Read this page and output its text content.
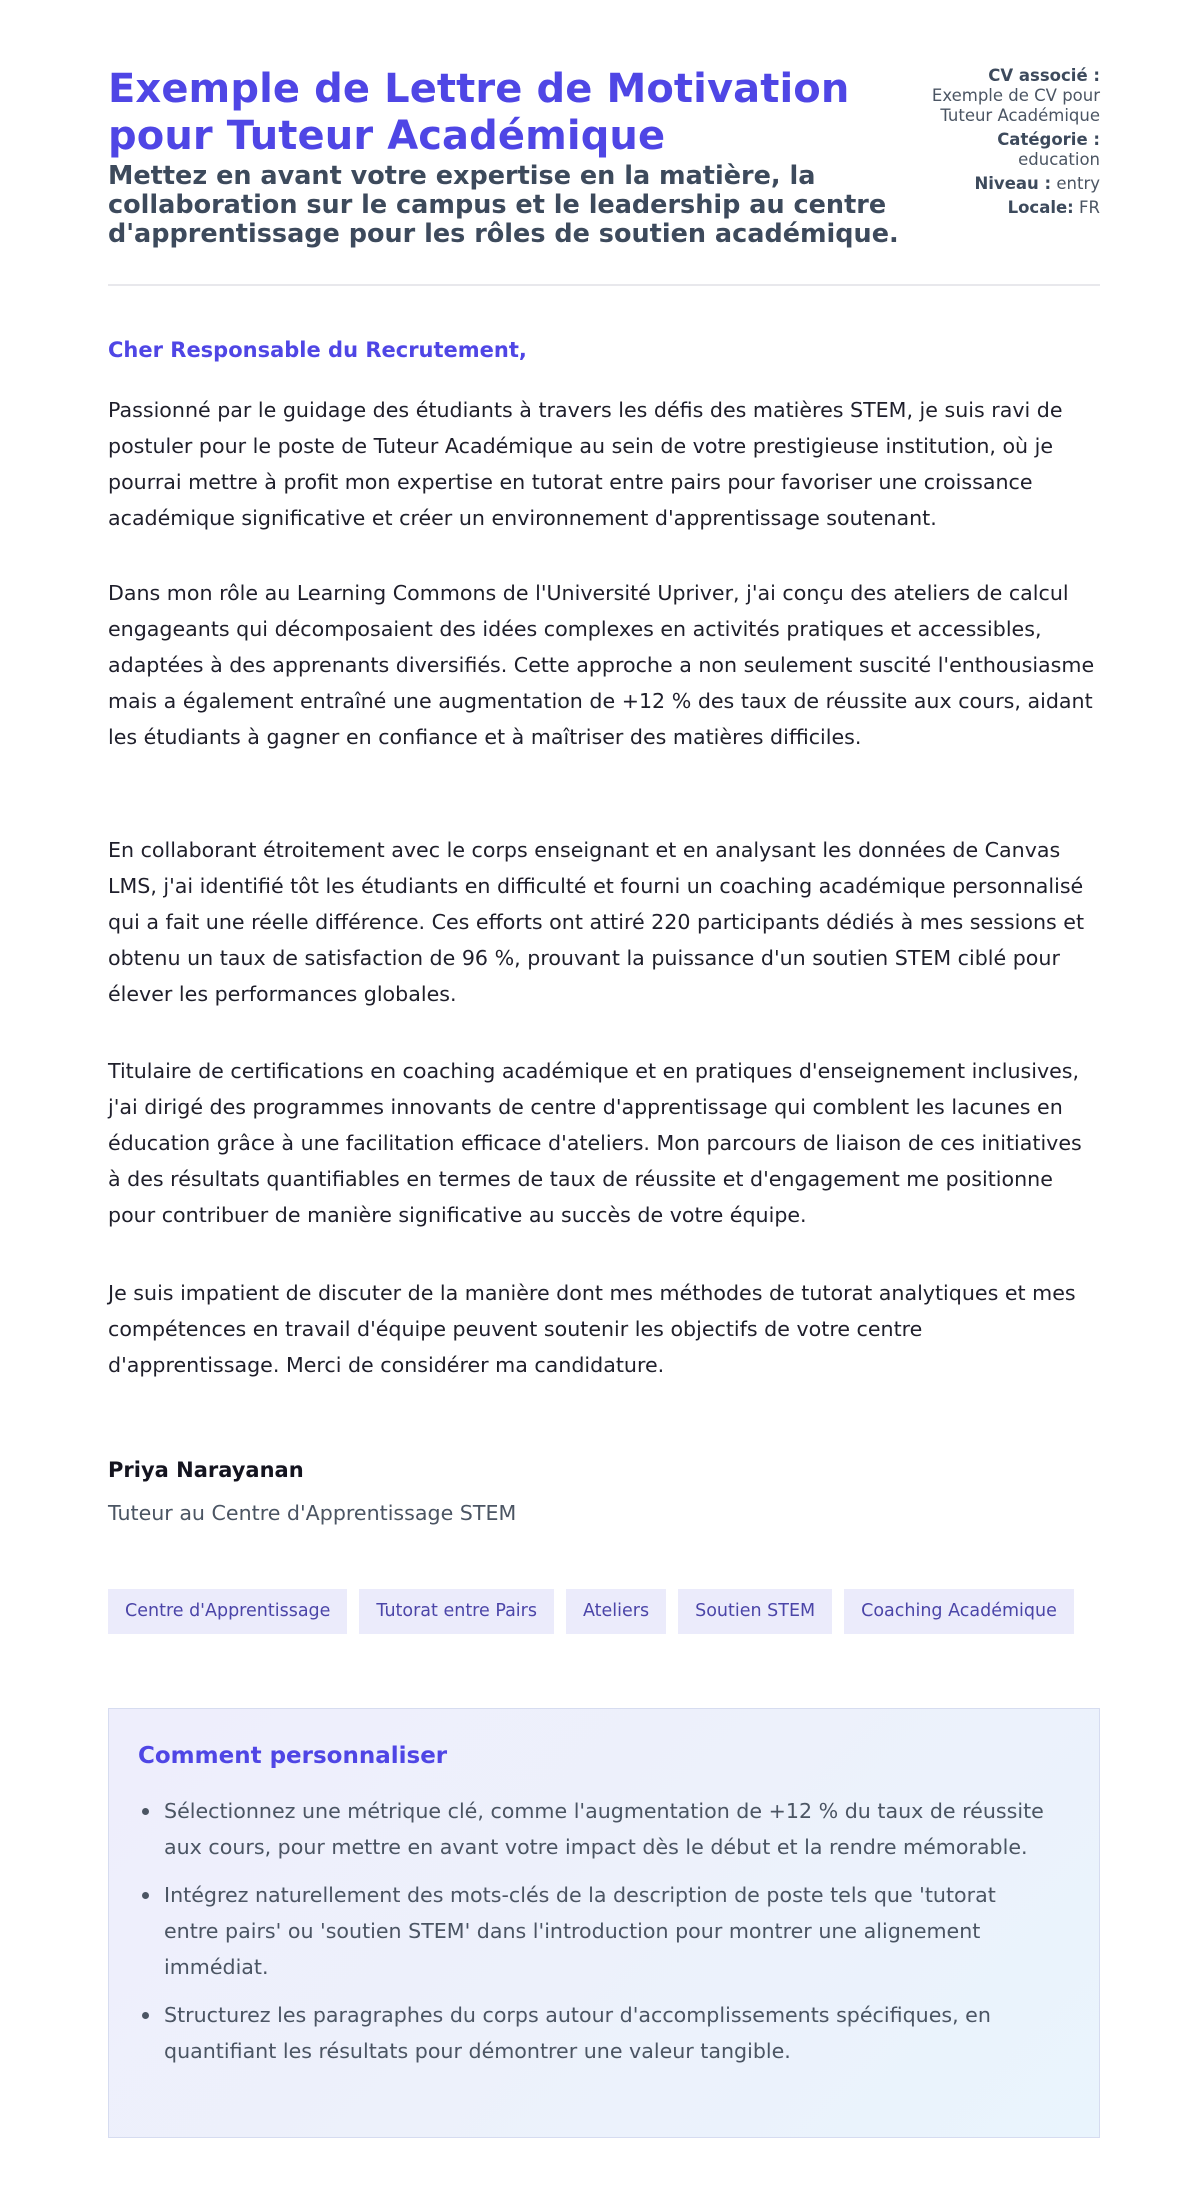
Exemple de Lettre de Motivation pour Tuteur Académique
Mettez en avant votre expertise en la matière, la collaboration sur le campus et le leadership au centre d'apprentissage pour les rôles de soutien académique.
CV associé :
Exemple de CV pour Tuteur Académique
Catégorie :
education
Niveau : entry
Locale: FR
Cher Responsable du Recrutement,

Passionné par le guidage des étudiants à travers les défis des matières STEM, je suis ravi de postuler pour le poste de Tuteur Académique au sein de votre prestigieuse institution, où je pourrai mettre à profit mon expertise en tutorat entre pairs pour favoriser une croissance académique significative et créer un environnement d'apprentissage soutenant.

Dans mon rôle au Learning Commons de l'Université Upriver, j'ai conçu des ateliers de calcul engageants qui décomposaient des idées complexes en activités pratiques et accessibles, adaptées à des apprenants diversifiés. Cette approche a non seulement suscité l'enthousiasme mais a également entraîné une augmentation de +12 % des taux de réussite aux cours, aidant les étudiants à gagner en confiance et à maîtriser des matières difficiles.

En collaborant étroitement avec le corps enseignant et en analysant les données de Canvas LMS, j'ai identifié tôt les étudiants en difficulté et fourni un coaching académique personnalisé qui a fait une réelle différence. Ces efforts ont attiré 220 participants dédiés à mes sessions et obtenu un taux de satisfaction de 96 %, prouvant la puissance d'un soutien STEM ciblé pour élever les performances globales.

Titulaire de certifications en coaching académique et en pratiques d'enseignement inclusives, j'ai dirigé des programmes innovants de centre d'apprentissage qui comblent les lacunes en éducation grâce à une facilitation efficace d'ateliers. Mon parcours de liaison de ces initiatives à des résultats quantifiables en termes de taux de réussite et d'engagement me positionne pour contribuer de manière significative au succès de votre équipe.

Je suis impatient de discuter de la manière dont mes méthodes de tutorat analytiques et mes compétences en travail d'équipe peuvent soutenir les objectifs de votre centre d'apprentissage. Merci de considérer ma candidature.

Priya Narayanan
Tuteur au Centre d'Apprentissage STEM
Centre d'Apprentissage	Tutorat entre Pairs	Ateliers	Soutien STEM	Coaching Académique
Comment personnaliser
Sélectionnez une métrique clé, comme l'augmentation de +12 % du taux de réussite aux cours, pour mettre en avant votre impact dès le début et la rendre mémorable.
Intégrez naturellement des mots-clés de la description de poste tels que 'tutorat entre pairs' ou 'soutien STEM' dans l'introduction pour montrer une alignement immédiat.
Structurez les paragraphes du corps autour d'accomplissements spécifiques, en quantifiant les résultats pour démontrer une valeur tangible.
